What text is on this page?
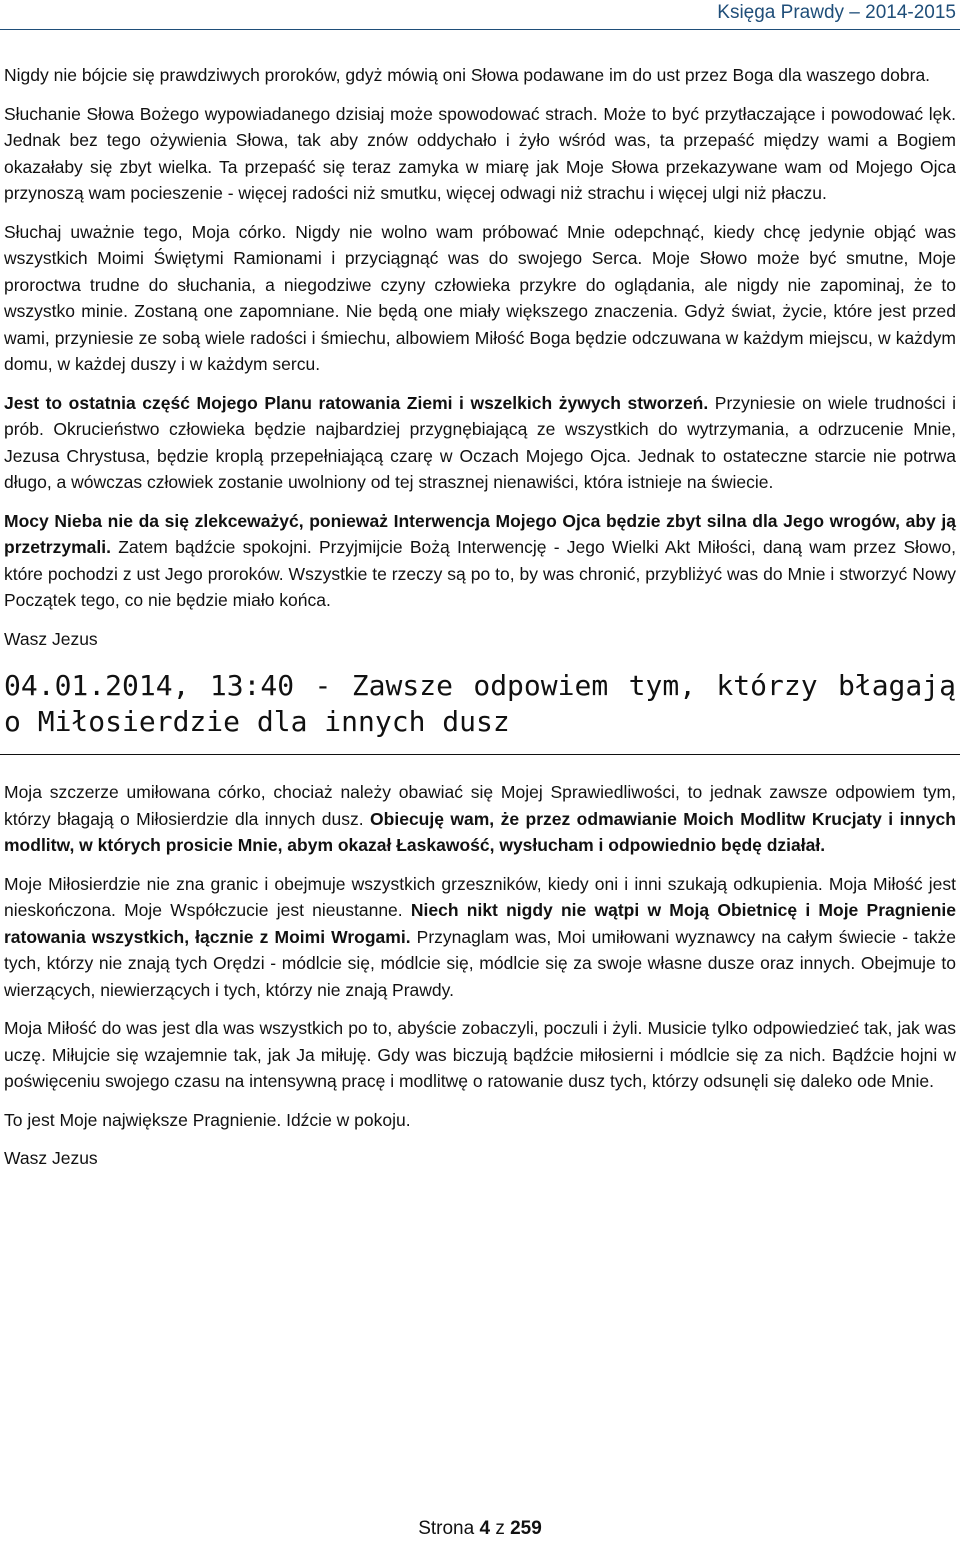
Księga Prawdy – 2014-2015

Nigdy nie bójcie się prawdziwych proroków, gdyż mówią oni Słowa podawane im do ust przez Boga dla waszego dobra.

Słuchanie Słowa Bożego wypowiadanego dzisiaj może spowodować strach. Może to być przytłaczające i powodować lęk. Jednak bez tego ożywienia Słowa, tak aby znów oddychało i żyło wśród was, ta przepaść między wami a Bogiem okazałaby się zbyt wielka. Ta przepaść się teraz zamyka w miarę jak Moje Słowa przekazywane wam od Mojego Ojca przynoszą wam pocieszenie - więcej radości niż smutku, więcej odwagi niż strachu i więcej ulgi niż płaczu.

Słuchaj uważnie tego, Moja córko. Nigdy nie wolno wam próbować Mnie odepchnąć, kiedy chcę jedynie objąć was wszystkich Moimi Świętymi Ramionami i przyciągnąć was do swojego Serca. Moje Słowo może być smutne, Moje proroctwa trudne do słuchania, a niegodziwe czyny człowieka przykre do oglądania, ale nigdy nie zapominaj, że to wszystko minie. Zostaną one zapomniane. Nie będą one miały większego znaczenia. Gdyż świat, życie, które jest przed wami, przyniesie ze sobą wiele radości i śmiechu, albowiem Miłość Boga będzie odczuwana w każdym miejscu, w każdym domu, w każdej duszy i w każdym sercu.

Jest to ostatnia część Mojego Planu ratowania Ziemi i wszelkich żywych stworzeń. Przyniesie on wiele trudności i prób. Okrucieństwo człowieka będzie najbardziej przygnębiającą ze wszystkich do wytrzymania, a odrzucenie Mnie, Jezusa Chrystusa, będzie kroplą przepełniającą czarę w Oczach Mojego Ojca. Jednak to ostateczne starcie nie potrwa długo, a wówczas człowiek zostanie uwolniony od tej strasznej nienawiści, która istnieje na świecie.

Mocy Nieba nie da się zlekceważyć, ponieważ Interwencja Mojego Ojca będzie zbyt silna dla Jego wrogów, aby ją przetrzymali. Zatem bądźcie spokojni. Przyjmijcie Bożą Interwencję - Jego Wielki Akt Miłości, daną wam przez Słowo, które pochodzi z ust Jego proroków. Wszystkie te rzeczy są po to, by was chronić, przybliżyć was do Mnie i stworzyć Nowy Początek tego, co nie będzie miało końca.

Wasz Jezus

04.01.2014, 13:40 - Zawsze odpowiem tym, którzy błagają o Miłosierdzie dla innych dusz

Moja szczerze umiłowana córko, chociaż należy obawiać się Mojej Sprawiedliwości, to jednak zawsze odpowiem tym, którzy błagają o Miłosierdzie dla innych dusz. Obiecuję wam, że przez odmawianie Moich Modlitw Krucjaty i innych modlitw, w których prosicie Mnie, abym okazał Łaskawość, wysłucham i odpowiednio będę działał.

Moje Miłosierdzie nie zna granic i obejmuje wszystkich grzeszników, kiedy oni i inni szukają odkupienia. Moja Miłość jest nieskończona. Moje Współczucie jest nieustanne. Niech nikt nigdy nie wątpi w Moją Obietnicę i Moje Pragnienie ratowania wszystkich, łącznie z Moimi Wrogami. Przynaglam was, Moi umiłowani wyznawcy na całym świecie - także tych, którzy nie znają tych Orędzi - módlcie się, módlcie się, módlcie się za swoje własne dusze oraz innych. Obejmuje to wierzących, niewierzących i tych, którzy nie znają Prawdy.

Moja Miłość do was jest dla was wszystkich po to, abyście zobaczyli, poczuli i żyli. Musicie tylko odpowiedzieć tak, jak was uczę. Miłujcie się wzajemnie tak, jak Ja miłuję. Gdy was biczują bądźcie miłosierni i módlcie się za nich. Bądźcie hojni w poświęceniu swojego czasu na intensywną pracę i modlitwę o ratowanie dusz tych, którzy odsunęli się daleko ode Mnie.

To jest Moje największe Pragnienie. Idźcie w pokoju.

Wasz Jezus

Strona 4 z 259
